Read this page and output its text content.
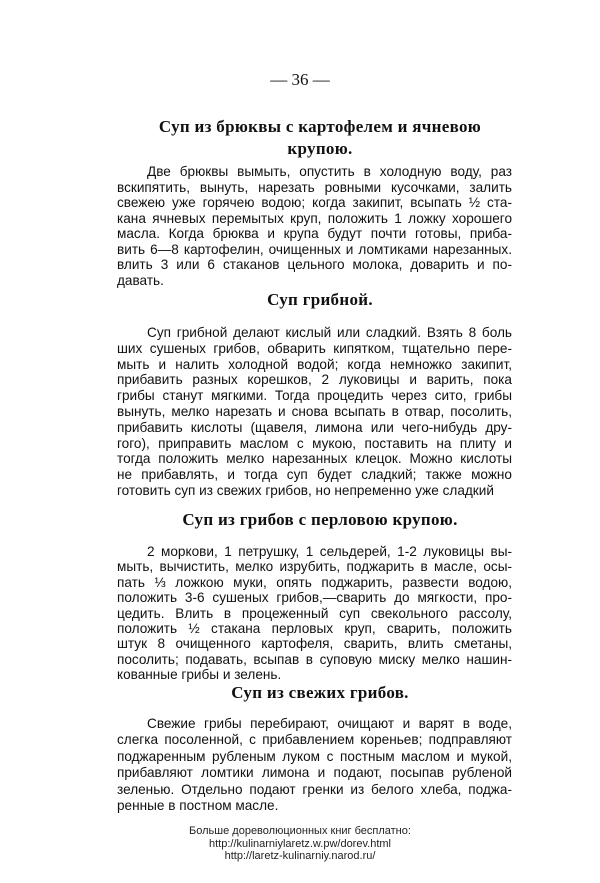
— 36 —
Суп из брюквы с картофелем и ячневою
крупою.
Две брюквы вымыть, опустить в холодную воду, раз
вскипятить, вынуть, нарезать ровными кусочками, залить
свежею уже горячею водою; когда закипит, всыпать ½ ста-
кана ячневых перемытых круп, положить 1 ложку хорошего
масла. Когда брюква и крупа будут почти готовы, приба-
вить 6—8 картофелин, очищенных и ломтиками нарезанных.
влить 3 или 6 стаканов цельного молока, доварить и по-
давать.
Суп грибной.
Суп грибной делают кислый или сладкий. Взять 8 боль
ших сушеных грибов, обварить кипятком, тщательно пере-
мыть и налить холодной водой; когда немножко закипит,
прибавить разных корешков, 2 луковицы и варить, пока
грибы станут мягкими. Тогда процедить через сито, грибы
вынуть, мелко нарезать и снова всыпать в отвар, посолить,
прибавить кислоты (щавеля, лимона или чего-нибудь дру-
гого), приправить маслом с мукою, поставить на плиту и
тогда положить мелко нарезанных клецок. Можно кислоты
не прибавлять, и тогда суп будет сладкий; также можно
готовить суп из свежих грибов, но непременно уже сладкий
Суп из грибов с перловою крупою.
2 моркови, 1 петрушку, 1 сельдерей, 1-2 луковицы вы-
мыть, вычистить, мелко изрубить, поджарить в масле, осы-
пать ⅓ ложкою муки, опять поджарить, развести водою,
положить 3-6 сушеных грибов,—сварить до мягкости, про-
цедить. Влить в процеженный суп свекольного рассолу,
положить ½ стакана перловых круп, сварить, положить
штук 8 очищенного картофеля, сварить, влить сметаны,
посолить; подавать, всыпав в суповую миску мелко нашин-
кованные грибы и зелень.
Суп из свежих грибов.
Свежие грибы перебирают, очищают и варят в воде,
слегка посоленной, с прибавлением кореньев; подправляют
поджаренным рубленым луком с постным маслом и мукой,
прибавляют ломтики лимона и подают, посыпав рубленой
зеленью. Отдельно подают гренки из белого хлеба, поджа-
ренные в постном масле.
Больше дореволюционных книг бесплатно:
http://kulinarniylaretz.w.pw/dorev.html
http://laretz-kulinarniy.narod.ru/
